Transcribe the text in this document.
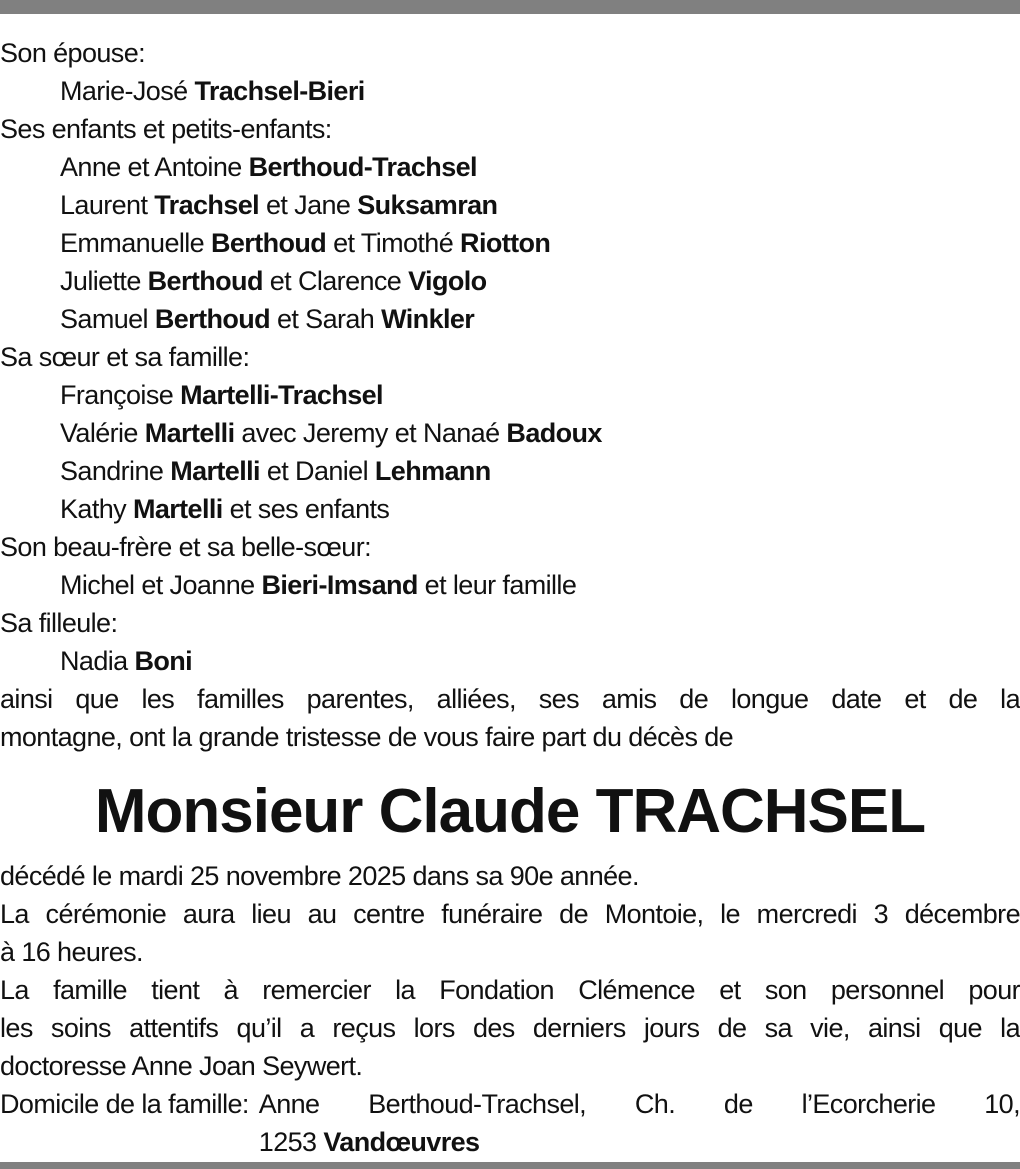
Son épouse:
Marie-José Trachsel-Bieri
Ses enfants et petits-enfants:
Anne et Antoine Berthoud-Trachsel
Laurent Trachsel et Jane Suksamran
Emmanuelle Berthoud et Timothé Riotton
Juliette Berthoud et Clarence Vigolo
Samuel Berthoud et Sarah Winkler
Sa sœur et sa famille:
Françoise Martelli-Trachsel
Valérie Martelli avec Jeremy et Nanaé Badoux
Sandrine Martelli et Daniel Lehmann
Kathy Martelli et ses enfants
Son beau-frère et sa belle-sœur:
Michel et Joanne Bieri-Imsand et leur famille
Sa filleule:
Nadia Boni
ainsi que les familles parentes, alliées, ses amis de longue date et de la
montagne, ont la grande tristesse de vous faire part du décès de
Monsieur Claude TRACHSEL
décédé le mardi 25 novembre 2025 dans sa 90e année.
La cérémonie aura lieu au centre funéraire de Montoie, le mercredi 3 décembre
à 16 heures.
La famille tient à remercier la Fondation Clémence et son personnel pour
les soins attentifs qu’il a reçus lors des derniers jours de sa vie, ainsi que la
doctoresse Anne Joan Seywert.
Domicile de la famille: Anne Berthoud-Trachsel, Ch. de l’Ecorcherie 10,
1253 Vandœuvres
